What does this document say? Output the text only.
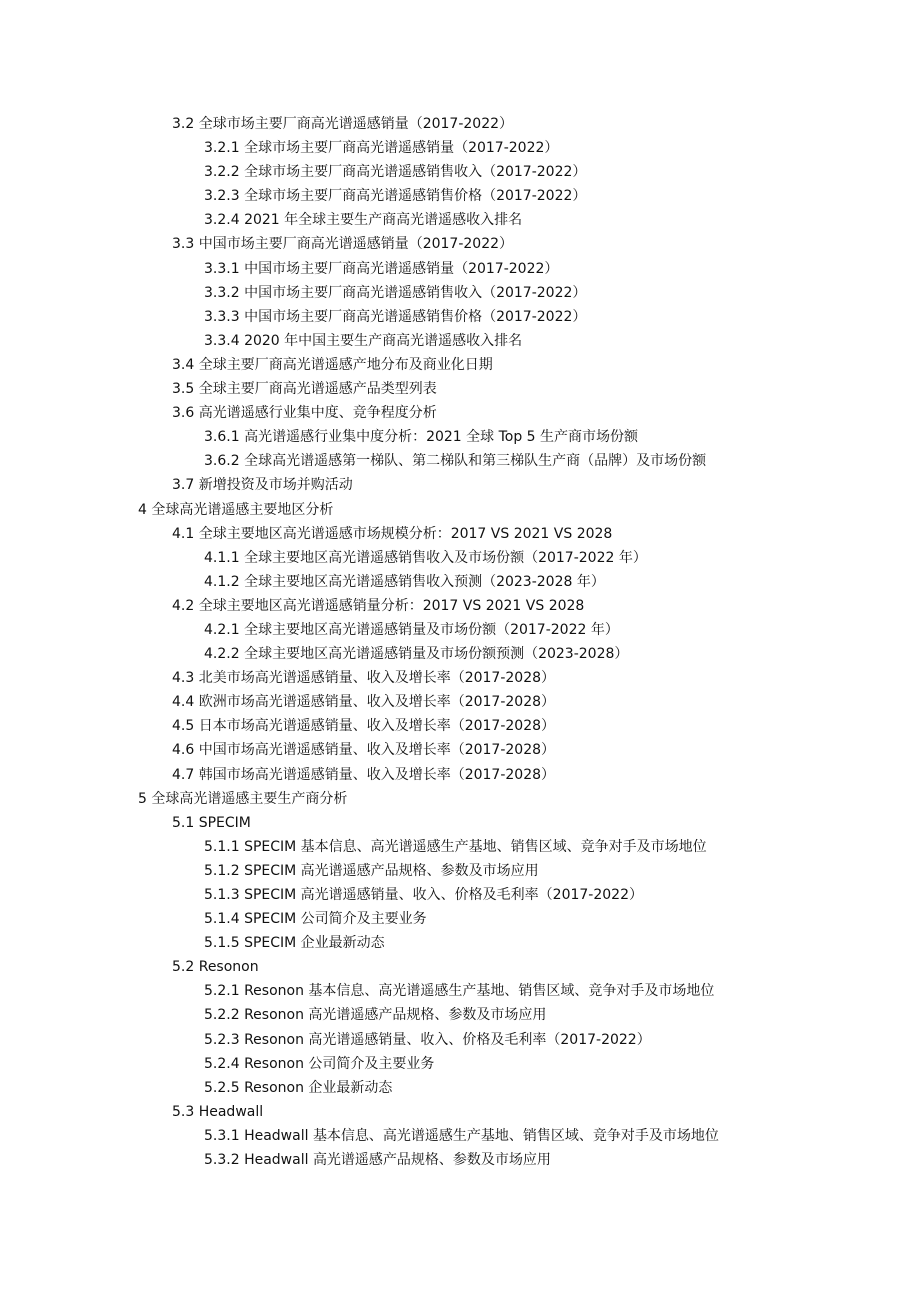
3.2 全球市场主要厂商高光谱遥感销量（2017-2022）
3.2.1 全球市场主要厂商高光谱遥感销量（2017-2022）
3.2.2 全球市场主要厂商高光谱遥感销售收入（2017-2022）
3.2.3 全球市场主要厂商高光谱遥感销售价格（2017-2022）
3.2.4 2021 年全球主要生产商高光谱遥感收入排名
3.3 中国市场主要厂商高光谱遥感销量（2017-2022）
3.3.1 中国市场主要厂商高光谱遥感销量（2017-2022）
3.3.2 中国市场主要厂商高光谱遥感销售收入（2017-2022）
3.3.3 中国市场主要厂商高光谱遥感销售价格（2017-2022）
3.3.4 2020 年中国主要生产商高光谱遥感收入排名
3.4 全球主要厂商高光谱遥感产地分布及商业化日期
3.5 全球主要厂商高光谱遥感产品类型列表
3.6 高光谱遥感行业集中度、竞争程度分析
3.6.1 高光谱遥感行业集中度分析：2021 全球 Top 5 生产商市场份额
3.6.2 全球高光谱遥感第一梯队、第二梯队和第三梯队生产商（品牌）及市场份额
3.7 新增投资及市场并购活动
4 全球高光谱遥感主要地区分析
4.1 全球主要地区高光谱遥感市场规模分析：2017 VS 2021 VS 2028
4.1.1 全球主要地区高光谱遥感销售收入及市场份额（2017-2022 年）
4.1.2 全球主要地区高光谱遥感销售收入预测（2023-2028 年）
4.2 全球主要地区高光谱遥感销量分析：2017 VS 2021 VS 2028
4.2.1 全球主要地区高光谱遥感销量及市场份额（2017-2022 年）
4.2.2 全球主要地区高光谱遥感销量及市场份额预测（2023-2028）
4.3 北美市场高光谱遥感销量、收入及增长率（2017-2028）
4.4 欧洲市场高光谱遥感销量、收入及增长率（2017-2028）
4.5 日本市场高光谱遥感销量、收入及增长率（2017-2028）
4.6 中国市场高光谱遥感销量、收入及增长率（2017-2028）
4.7 韩国市场高光谱遥感销量、收入及增长率（2017-2028）
5 全球高光谱遥感主要生产商分析
5.1 SPECIM
5.1.1 SPECIM 基本信息、高光谱遥感生产基地、销售区域、竞争对手及市场地位
5.1.2 SPECIM 高光谱遥感产品规格、参数及市场应用
5.1.3 SPECIM 高光谱遥感销量、收入、价格及毛利率（2017-2022）
5.1.4 SPECIM 公司简介及主要业务
5.1.5 SPECIM 企业最新动态
5.2 Resonon
5.2.1 Resonon 基本信息、高光谱遥感生产基地、销售区域、竞争对手及市场地位
5.2.2 Resonon 高光谱遥感产品规格、参数及市场应用
5.2.3 Resonon 高光谱遥感销量、收入、价格及毛利率（2017-2022）
5.2.4 Resonon 公司简介及主要业务
5.2.5 Resonon 企业最新动态
5.3 Headwall
5.3.1 Headwall 基本信息、高光谱遥感生产基地、销售区域、竞争对手及市场地位
5.3.2 Headwall 高光谱遥感产品规格、参数及市场应用
